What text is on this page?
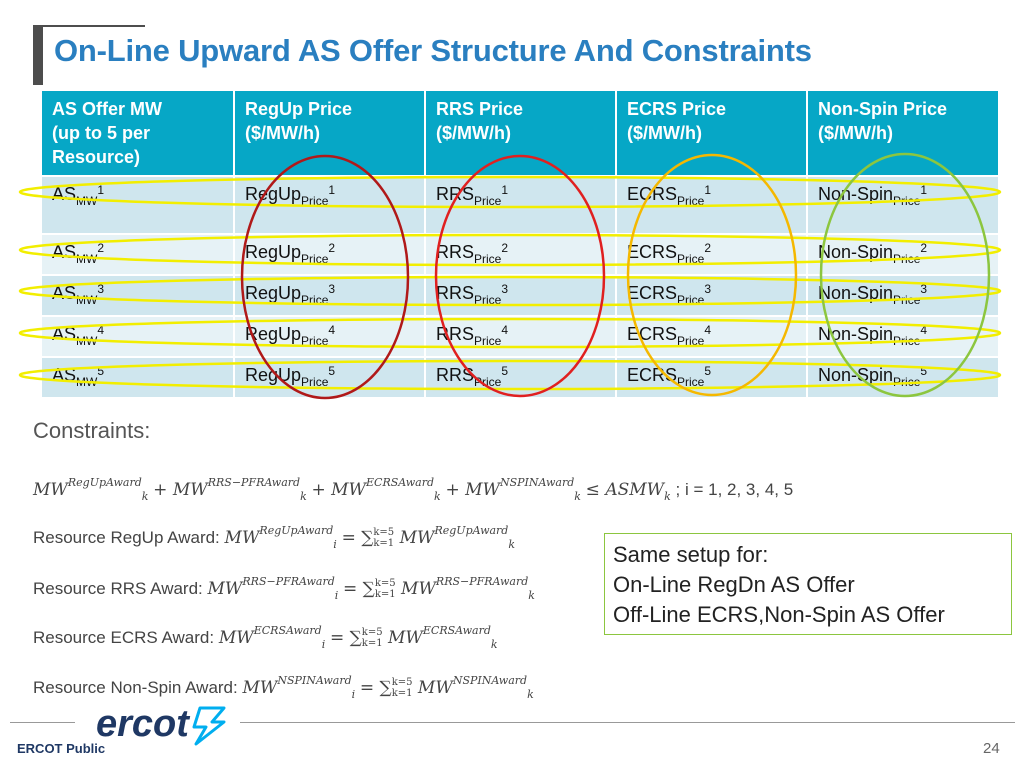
On-Line Upward AS Offer Structure And Constraints
AS Offer MW
(up to 5 per
Resource)	RegUp Price
($/MW/h)	RRS Price
($/MW/h)	ECRS Price
($/MW/h)	Non-Spin Price
($/MW/h)
$AS_{MW}^1$	RegUp$_{Price}^1$	$RRS_{Price}^1$	$ECRS_{Price}^1$	Non-Spin$_{Price}^1$
$AS_{MW}^2$	RegUp$_{Price}^2$	$RRS_{Price}^2$	$ECRS_{Price}^2$	Non-Spin$_{Price}^2$
$AS_{MW}^3$	RegUp$_{Price}^3$	$RRS_{Price}^3$	$ECRS_{Price}^3$	Non-Spin$_{Price}^3$
$AS_{MW}^4$	RegUp$_{Price}^4$	$RRS_{Price}^4$	$ECRS_{Price}^4$	Non-Spin$_{Price}^4$
$AS_{MW}^5$	RegUp$_{Price}^5$	$RRS_{Price}^5$	$ECRS_{Price}^5$	Non-Spin$_{Price}^5$
Constraints:
$MW^{RegUpAward}_k + MW^{RRS-PFRAward}_k + MW^{ECRSAward}_k + MW^{NSPINAward}_k$ ≤ $ASMW_k$ ; i = 1, 2, 3, 4, 5
Resource RegUp Award: $MW^{RegUpAward}_i = \sum k=5$
k=1 $MW^{RegUpAward}_k$
Resource RRS Award: $MW^{RRS-PFRAward}_i = \sum k=5$
k=1 $MW^{RRS-PFRAward}_k$
Resource ECRS Award: $MW^{ECRSAward}_i = \sum k=5$
k=1 $MW^{ECRSAward}_k$
Resource Non-Spin Award: $MW^{NSPINAward}_i = \sum k=5$
k=1 $MW^{NSPINAward}_k$
Same setup for:
On-Line RegDn AS Offer
Off-Line ECRS,Non-Spin AS Offer
ercot
ERCOT Public	24
